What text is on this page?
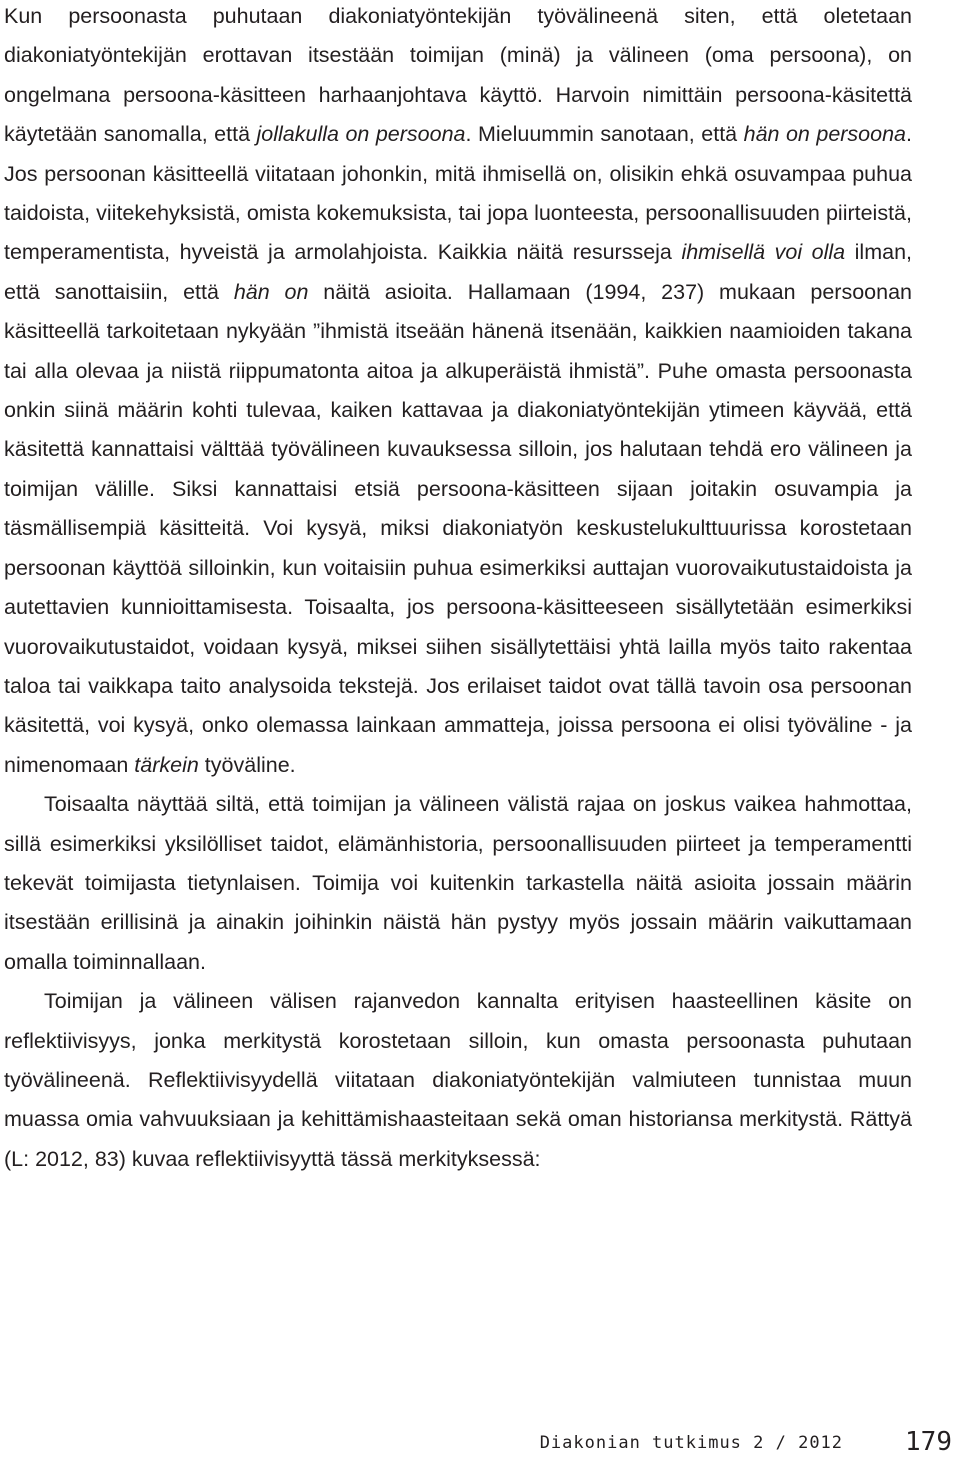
Kun persoonasta puhutaan diakoniatyöntekijän työvälineenä siten, että oletetaan diakoniatyöntekijän erottavan itsestään toimijan (minä) ja välineen (oma persoona), on ongelmana persoona-käsitteen harhaanjohtava käyttö. Harvoin nimittäin persoona-käsitettä käytetään sanomalla, että jollakulla on persoona. Mieluummin sanotaan, että hän on persoona. Jos persoonan käsitteellä viitataan johonkin, mitä ihmisellä on, olisikin ehkä osuvampaa puhua taidoista, viitekehyksistä, omista kokemuksista, tai jopa luonteesta, persoonallisuuden piirteistä, temperamentista, hyveistä ja armolahjoista. Kaikkia näitä resursseja ihmisellä voi olla ilman, että sanottaisiin, että hän on näitä asioita. Hallamaan (1994, 237) mukaan persoonan käsitteellä tarkoitetaan nykyään ”ihmistä itseään hänenä itsenään, kaikkien naamioiden takana tai alla olevaa ja niistä riippumatonta aitoa ja alkuperäistä ihmistä”. Puhe omasta persoonasta onkin siinä määrin kohti tulevaa, kaiken kattavaa ja diakoniatyöntekijän ytimeen käyvää, että käsitettä kannattaisi välttää työvälineen kuvauksessa silloin, jos halutaan tehdä ero välineen ja toimijan välille. Siksi kannattaisi etsiä persoona-käsitteen sijaan joitakin osuvampia ja täsmällisempiä käsitteitä. Voi kysyä, miksi diakoniatyön keskustelukulttuurissa korostetaan persoonan käyttöä silloinkin, kun voitaisiin puhua esimerkiksi auttajan vuorovaikutustaidoista ja autettavien kunnioittamisesta. Toisaalta, jos persoona-käsitteeseen sisällytetään esimerkiksi vuorovaikutustaidot, voidaan kysyä, miksei siihen sisällytettäisi yhtä lailla myös taito rakentaa taloa tai vaikkapa taito analysoida tekstejä. Jos erilaiset taidot ovat tällä tavoin osa persoonan käsitettä, voi kysyä, onko olemassa lainkaan ammatteja, joissa persoona ei olisi työväline - ja nimenomaan tärkein työväline.

Toisaalta näyttää siltä, että toimijan ja välineen välistä rajaa on joskus vaikea hahmottaa, sillä esimerkiksi yksilölliset taidot, elämänhistoria, persoonallisuuden piirteet ja temperamentti tekevät toimijasta tietynlaisen. Toimija voi kuitenkin tarkastella näitä asioita jossain määrin itsestään erillisinä ja ainakin joihinkin näistä hän pystyy myös jossain määrin vaikuttamaan omalla toiminnallaan.

Toimijan ja välineen välisen rajanvedon kannalta erityisen haasteellinen käsite on reflektiivisyys, jonka merkitystä korostetaan silloin, kun omasta persoonasta puhutaan työvälineenä. Reflektiivisyydellä viitataan diakoniatyöntekijän valmiuteen tunnistaa muun muassa omia vahvuuksiaan ja kehittämishaasteitaan sekä oman historiansa merkitystä. Rättyä (L: 2012, 83) kuvaa reflektiivisyyttä tässä merkityksessä:

Diakonian tutkimus 2 / 2012 179
